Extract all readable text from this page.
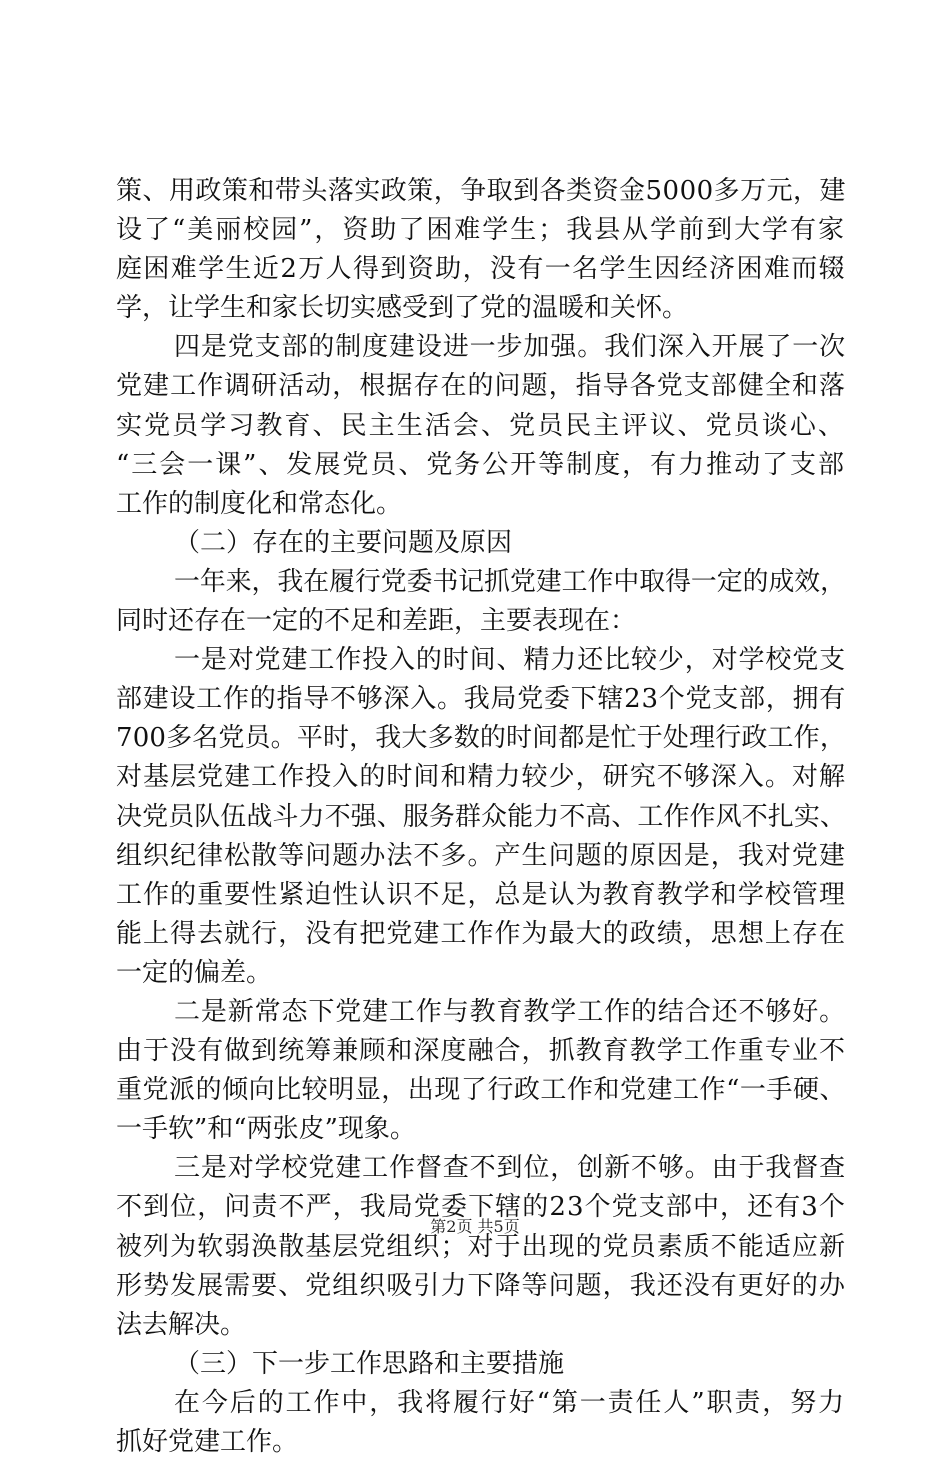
策、用政策和带头落实政策，争取到各类资金5000多万元，建
设了“美丽校园”，资助了困难学生；我县从学前到大学有家
庭困难学生近2万人得到资助，没有一名学生因经济困难而辍
学，让学生和家长切实感受到了党的温暖和关怀。
四是党支部的制度建设进一步加强。我们深入开展了一次
党建工作调研活动，根据存在的问题，指导各党支部健全和落
实党员学习教育、民主生活会、党员民主评议、党员谈心、
“三会一课”、发展党员、党务公开等制度，有力推动了支部
工作的制度化和常态化。
（二）存在的主要问题及原因
一年来，我在履行党委书记抓党建工作中取得一定的成效，
同时还存在一定的不足和差距，主要表现在：
一是对党建工作投入的时间、精力还比较少，对学校党支
部建设工作的指导不够深入。我局党委下辖23个党支部，拥有
700多名党员。平时，我大多数的时间都是忙于处理行政工作，
对基层党建工作投入的时间和精力较少，研究不够深入。对解
决党员队伍战斗力不强、服务群众能力不高、工作作风不扎实、
组织纪律松散等问题办法不多。产生问题的原因是，我对党建
工作的重要性紧迫性认识不足，总是认为教育教学和学校管理
能上得去就行，没有把党建工作作为最大的政绩，思想上存在
一定的偏差。
二是新常态下党建工作与教育教学工作的结合还不够好。
由于没有做到统筹兼顾和深度融合，抓教育教学工作重专业不
重党派的倾向比较明显，出现了行政工作和党建工作“一手硬、
一手软”和“两张皮”现象。
三是对学校党建工作督查不到位，创新不够。由于我督查
不到位，问责不严，我局党委下辖的23个党支部中，还有3个
被列为软弱涣散基层党组织；对于出现的党员素质不能适应新
形势发展需要、党组织吸引力下降等问题，我还没有更好的办
法去解决。
（三）下一步工作思路和主要措施
在今后的工作中，我将履行好“第一责任人”职责，努力
抓好党建工作。
第2页 共5页
